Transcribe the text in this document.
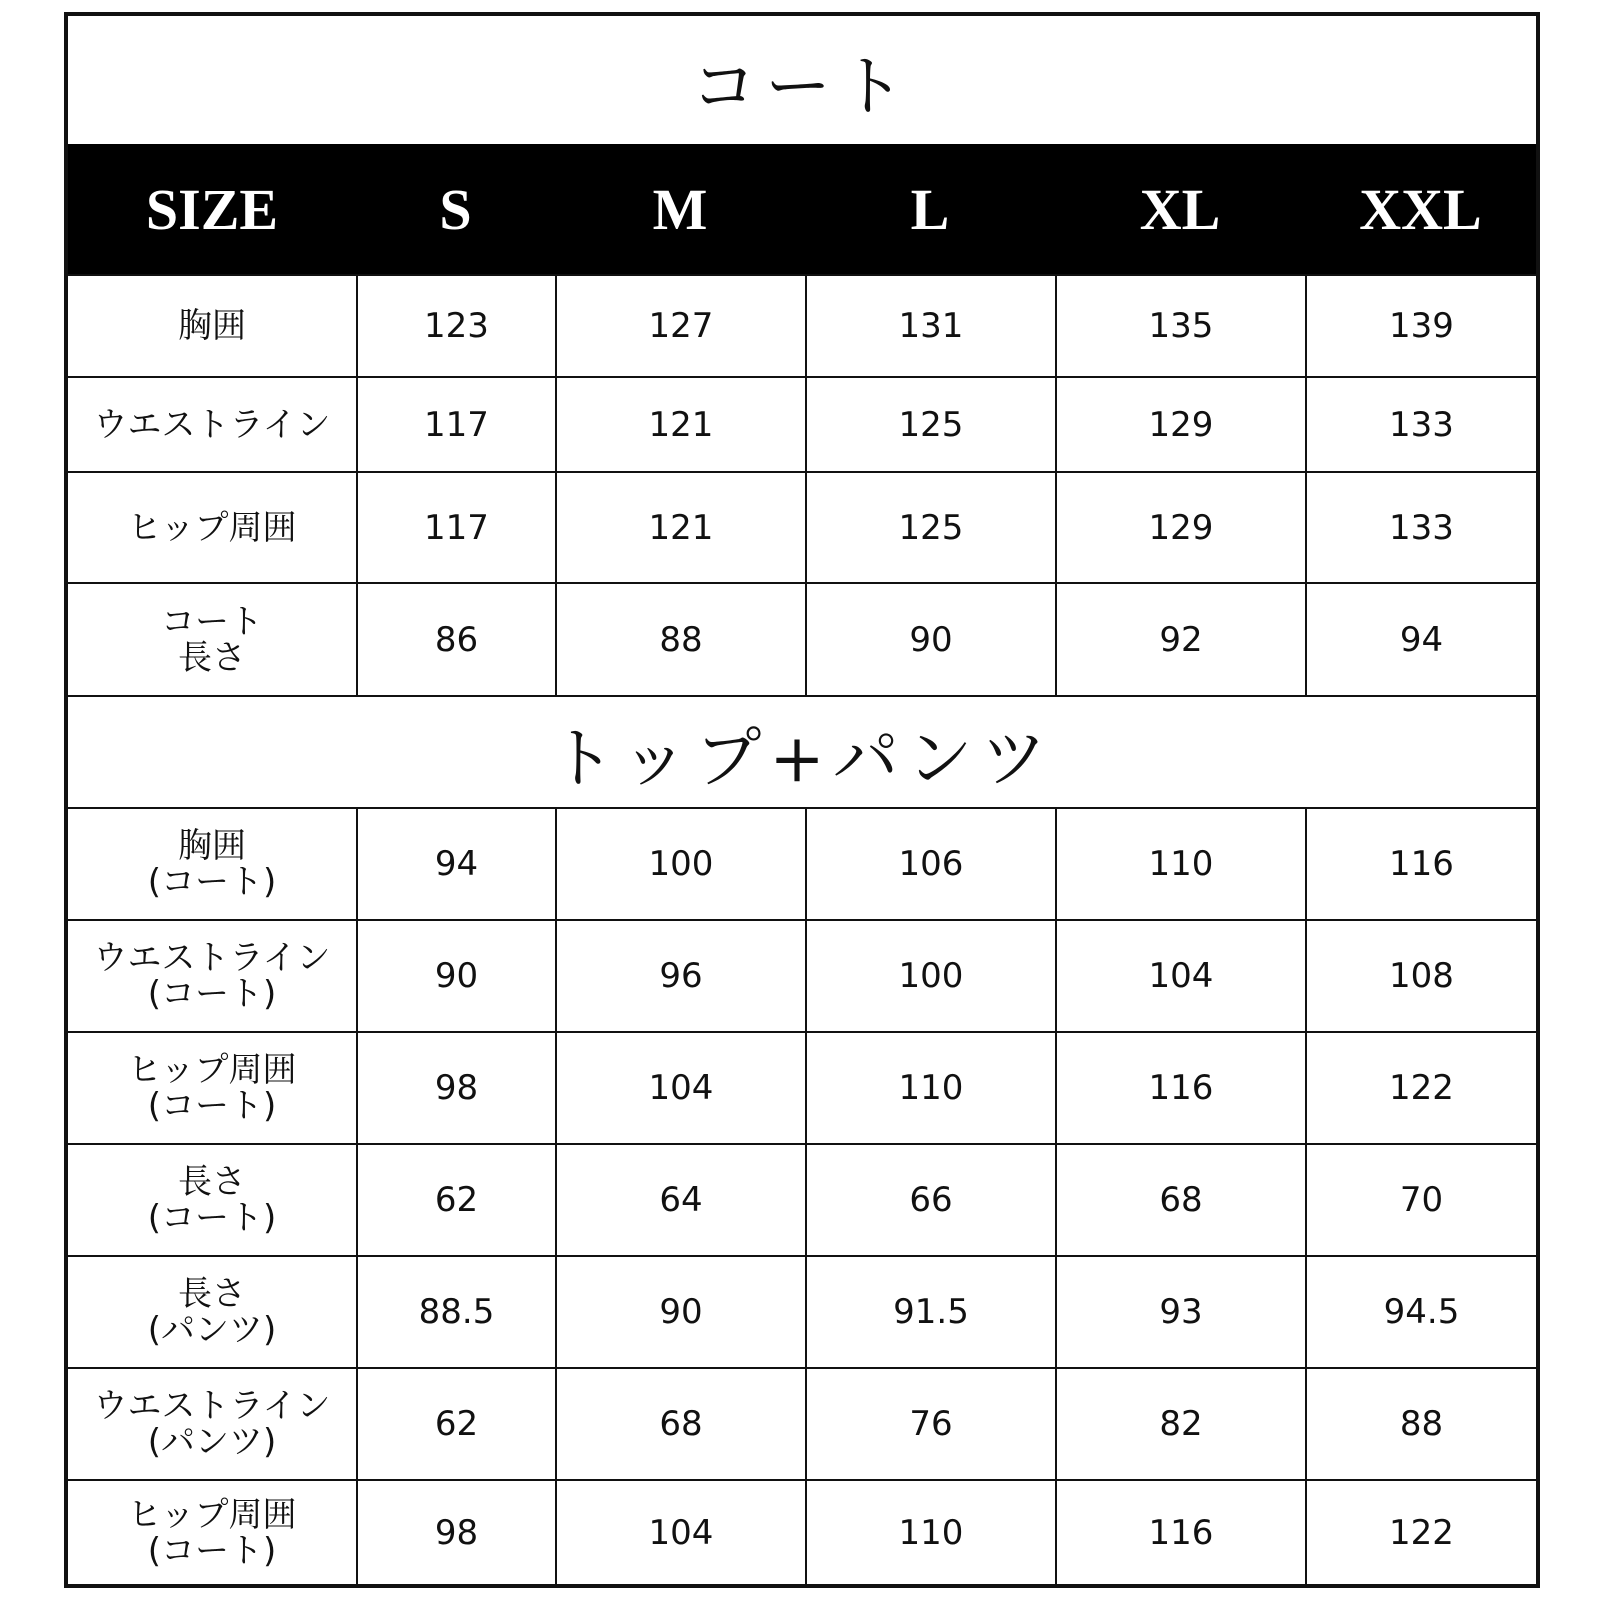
コート
SIZE	S	M	L	XL	XXL
胸囲	123	127	131	135	139
ウエストライン	117	121	125	129	133
ヒップ周囲	117	121	125	129	133
コート
長さ	86	88	90	92	94
トップ+パンツ
胸囲
(コート)	94	100	106	110	116
ウエストライン
(コート)	90	96	100	104	108
ヒップ周囲
(コート)	98	104	110	116	122
長さ
(コート)	62	64	66	68	70
長さ
(パンツ)	88.5	90	91.5	93	94.5
ウエストライン
(パンツ)	62	68	76	82	88
ヒップ周囲
(コート)	98	104	110	116	122
